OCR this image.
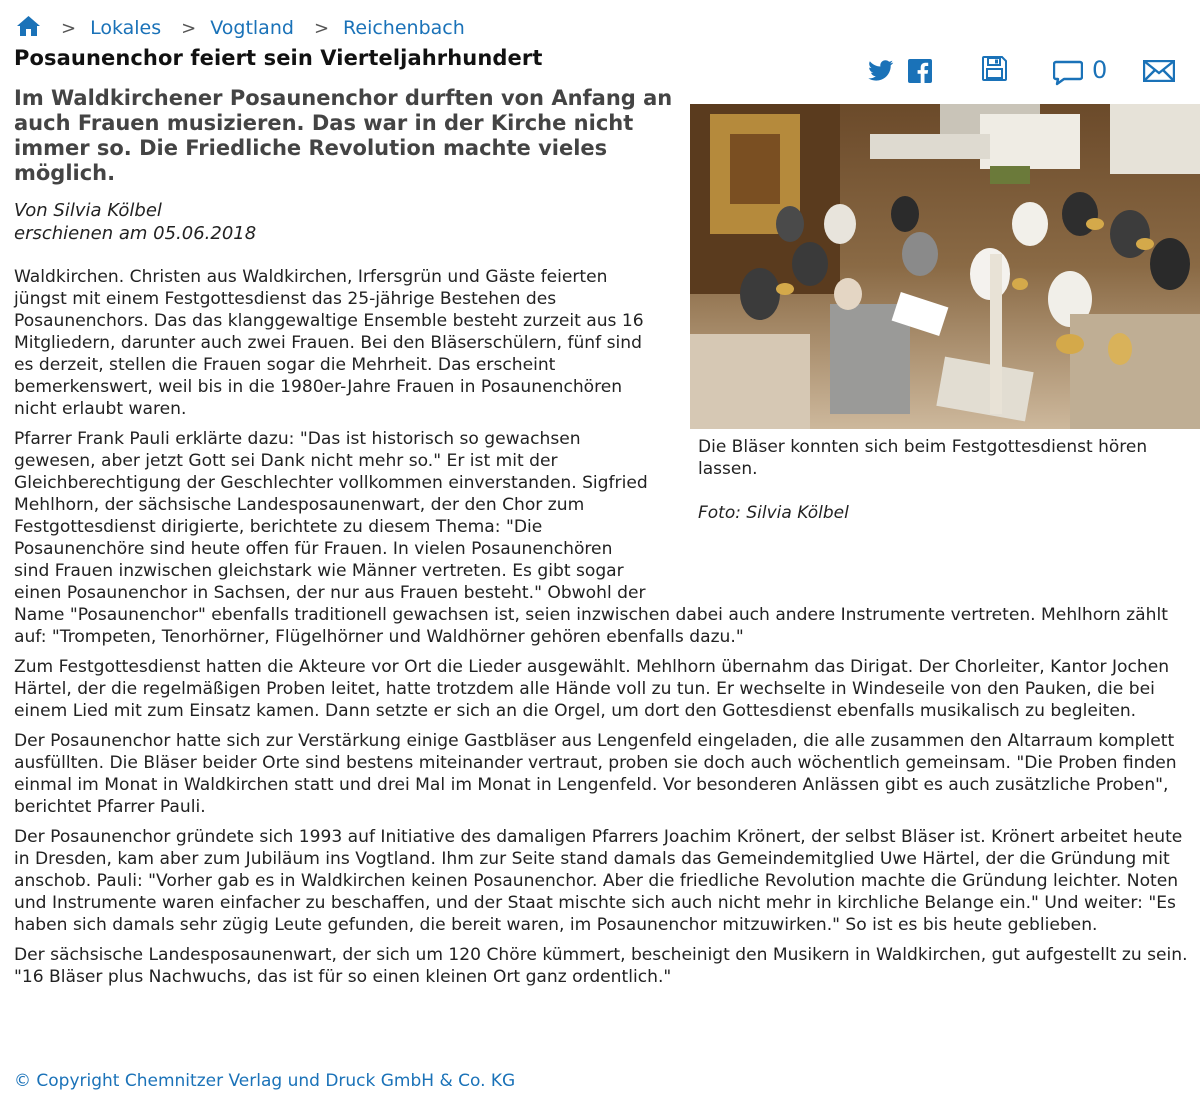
> Lokales > Vogtland > Reichenbach
Posaunenchor feiert sein Vierteljahrhundert	0
Im Waldkirchener Posaunenchor durften von Anfang an auch Frauen musizieren. Das war in der Kirche nicht immer so. Die Friedliche Revolution machte vieles möglich.
Von Silvia Kölbel
erschienen am 05.06.2018
Die Bläser konnten sich beim Festgottesdienst hören lassen.
Foto: Silvia Kölbel

Waldkirchen. Christen aus Waldkirchen, Irfersgrün und Gäste feierten jüngst mit einem Festgottesdienst das 25-jährige Bestehen des Posaunenchors. Das das klanggewaltige Ensemble besteht zurzeit aus 16 Mitgliedern, darunter auch zwei Frauen. Bei den Bläserschülern, fünf sind es derzeit, stellen die Frauen sogar die Mehrheit. Das erscheint bemerkenswert, weil bis in die 1980er-Jahre Frauen in Posaunenchören nicht erlaubt waren.

Pfarrer Frank Pauli erklärte dazu: "Das ist historisch so gewachsen gewesen, aber jetzt Gott sei Dank nicht mehr so." Er ist mit der Gleichberechtigung der Geschlechter vollkommen einverstanden. Sigfried Mehlhorn, der sächsische Landesposaunenwart, der den Chor zum Festgottesdienst dirigierte, berichtete zu diesem Thema: "Die Posaunenchöre sind heute offen für Frauen. In vielen Posaunenchören sind Frauen inzwischen gleichstark wie Männer vertreten. Es gibt sogar einen Posaunenchor in Sachsen, der nur aus Frauen besteht." Obwohl der Name "Posaunenchor" ebenfalls traditionell gewachsen ist, seien inzwischen dabei auch andere Instrumente vertreten. Mehlhorn zählt auf: "Trompeten, Tenorhörner, Flügelhörner und Waldhörner gehören ebenfalls dazu."

Zum Festgottesdienst hatten die Akteure vor Ort die Lieder ausgewählt. Mehlhorn übernahm das Dirigat. Der Chorleiter, Kantor Jochen Härtel, der die regelmäßigen Proben leitet, hatte trotzdem alle Hände voll zu tun. Er wechselte in Windeseile von den Pauken, die bei einem Lied mit zum Einsatz kamen. Dann setzte er sich an die Orgel, um dort den Gottesdienst ebenfalls musikalisch zu begleiten.

Der Posaunenchor hatte sich zur Verstärkung einige Gastbläser aus Lengenfeld eingeladen, die alle zusammen den Altarraum komplett ausfüllten. Die Bläser beider Orte sind bestens miteinander vertraut, proben sie doch auch wöchentlich gemeinsam. "Die Proben finden einmal im Monat in Waldkirchen statt und drei Mal im Monat in Lengenfeld. Vor besonderen Anlässen gibt es auch zusätzliche Proben", berichtet Pfarrer Pauli.

Der Posaunenchor gründete sich 1993 auf Initiative des damaligen Pfarrers Joachim Krönert, der selbst Bläser ist. Krönert arbeitet heute in Dresden, kam aber zum Jubiläum ins Vogtland. Ihm zur Seite stand damals das Gemeindemitglied Uwe Härtel, der die Gründung mit anschob. Pauli: "Vorher gab es in Waldkirchen keinen Posaunenchor. Aber die friedliche Revolution machte die Gründung leichter. Noten und Instrumente waren einfacher zu beschaffen, und der Staat mischte sich auch nicht mehr in kirchliche Belange ein." Und weiter: "Es haben sich damals sehr zügig Leute gefunden, die bereit waren, im Posaunenchor mitzuwirken." So ist es bis heute geblieben.

Der sächsische Landesposaunenwart, der sich um 120 Chöre kümmert, bescheinigt den Musikern in Waldkirchen, gut aufgestellt zu sein. "16 Bläser plus Nachwuchs, das ist für so einen kleinen Ort ganz ordentlich."

© Copyright Chemnitzer Verlag und Druck GmbH & Co. KG
